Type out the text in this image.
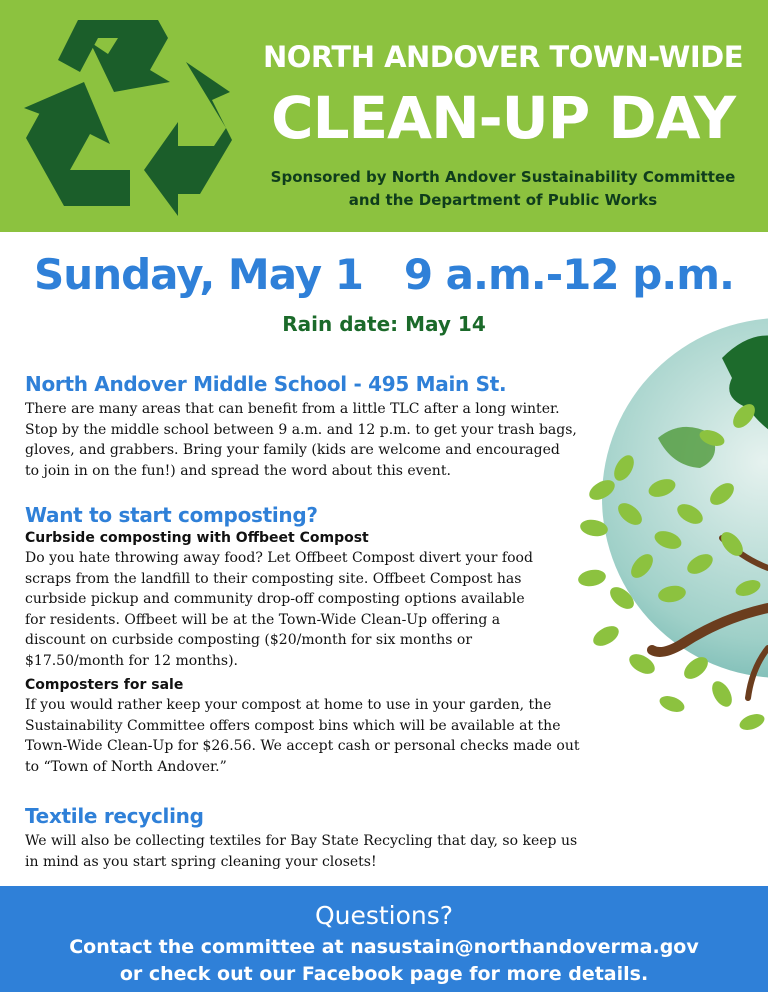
NORTH ANDOVER TOWN-WIDE
CLEAN-UP DAY
Sponsored by North Andover Sustainability Committee
and the Department of Public Works
Sunday, May 1   9 a.m.-12 p.m.
Rain date: May 14
North Andover Middle School - 495 Main St.
There are many areas that can benefit from a little TLC after a long winter.
Stop by the middle school between 9 a.m. and 12 p.m. to get your trash bags,
gloves, and grabbers. Bring your family (kids are welcome and encouraged
to join in on the fun!) and spread the word about this event.
Want to start composting?
Curbside composting with Offbeet Compost
Do you hate throwing away food? Let Offbeet Compost divert your food
scraps from the landfill to their composting site. Offbeet Compost has
curbside pickup and community drop-off composting options available
for residents. Offbeet will be at the Town-Wide Clean-Up offering a
discount on curbside composting ($20/month for six months or
$17.50/month for 12 months).
Composters for sale
If you would rather keep your compost at home to use in your garden, the
Sustainability Committee offers compost bins which will be available at the
Town-Wide Clean-Up for $26.56. We accept cash or personal checks made out
to “Town of North Andover.”
Textile recycling
We will also be collecting textiles for Bay State Recycling that day, so keep us
in mind as you start spring cleaning your closets!
Questions?
Contact the committee at nasustain@northandoverma.gov
or check out our Facebook page for more details.
